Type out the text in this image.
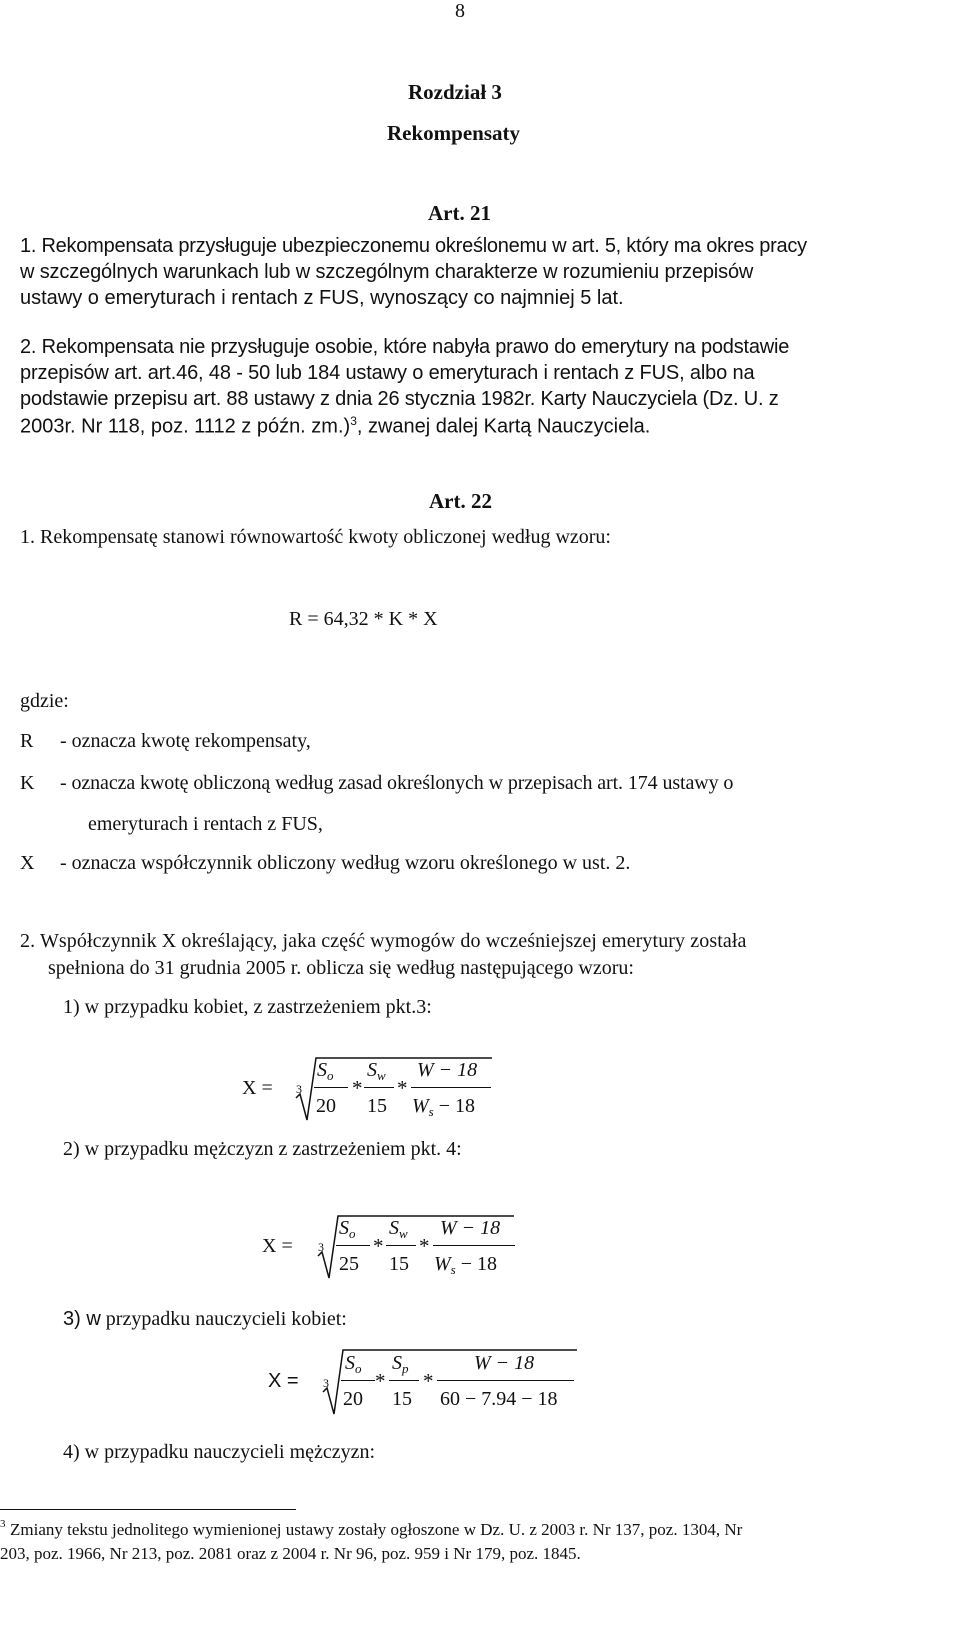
8
Rozdział 3
Rekompensaty
Art. 21
1. Rekompensata przysługuje ubezpieczonemu określonemu w art. 5, który ma okres pracy
w szczególnych warunkach lub w szczególnym charakterze w rozumieniu przepisów
ustawy o emeryturach i rentach z FUS, wynoszący co najmniej 5 lat.
2. Rekompensata nie przysługuje osobie, które nabyła prawo do emerytury na podstawie
przepisów art. art.46, 48 - 50 lub 184 ustawy o emeryturach i rentach z FUS, albo na
podstawie przepisu art. 88 ustawy z dnia 26 stycznia 1982r. Karty Nauczyciela (Dz. U. z
2003r. Nr 118, poz. 1112 z późn. zm.)$^3$, zwanej dalej Kartą Nauczyciela.
Art. 22
1. Rekompensatę stanowi równowartość kwoty obliczonej według wzoru:
R = 64,32 * K * X
gdzie:
R - oznacza kwotę rekompensaty,
K - oznacza kwotę obliczoną według zasad określonych w przepisach art. 174 ustawy o
emeryturach i rentach z FUS,
X - oznacza współczynnik obliczony według wzoru określonego w ust. 2.
2. Współczynnik X określający, jaka część wymogów do wcześniejszej emerytury została
spełniona do 31 grudnia 2005 r. oblicza się według następującego wzoru:
1) w przypadku kobiet, z zastrzeżeniem pkt.3:
X = 3
$S_o$
20
*
$S_w$
15
*
W − 18
$W_s - 18$
2) w przypadku mężczyzn z zastrzeżeniem pkt. 4:
X = 3
$S_o$
25
*
$S_w$
15
*
W − 18
$W_s - 18$
3) w przypadku nauczycieli kobiet:
X = 3
$S_o$
20
*
$S_p$
15
*
W − 18
60 − 7.94 − 18
4) w przypadku nauczycieli mężczyzn:
3 Zmiany tekstu jednolitego wymienionej ustawy zostały ogłoszone w Dz. U. z 2003 r. Nr 137, poz. 1304, Nr
203, poz. 1966, Nr 213, poz. 2081 oraz z 2004 r. Nr 96, poz. 959 i Nr 179, poz. 1845.
